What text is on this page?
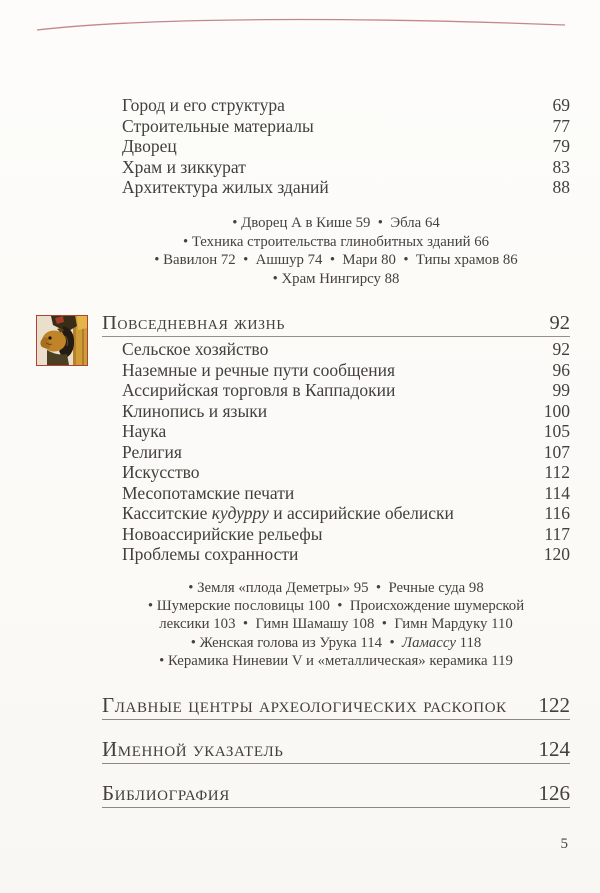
Город и его структура	69
Строительные материалы	77
Дворец	79
Храм и зиккурат	83
Архитектура жилых зданий	88
• Дворец А в Кише 59  •  Эбла 64
• Техника строительства глинобитных зданий 66
• Вавилон 72  •  Ашшур 74  •  Мари 80  •  Типы храмов 86
• Храм Нингирсу 88
Повседневная жизнь	92
Сельское хозяйство	92
Наземные и речные пути сообщения	96
Ассирийская торговля в Каппадокии	99
Клинопись и языки	100
Наука	105
Религия	107
Искусство	112
Месопотамские печати	114
Касситские кудурру и ассирийские обелиски	116
Новоассирийские рельефы	117
Проблемы сохранности	120
• Земля «плода Деметры» 95  •  Речные суда 98
• Шумерские пословицы 100  •  Происхождение шумерской
лексики 103  •  Гимн Шамашу 108  •  Гимн Мардуку 110
• Женская голова из Урука 114  •  Ламассу 118
• Керамика Ниневии V и «металлическая» керамика 119
Главные центры археологических раскопок 122
Именной указатель	124
Библиография	126
5
